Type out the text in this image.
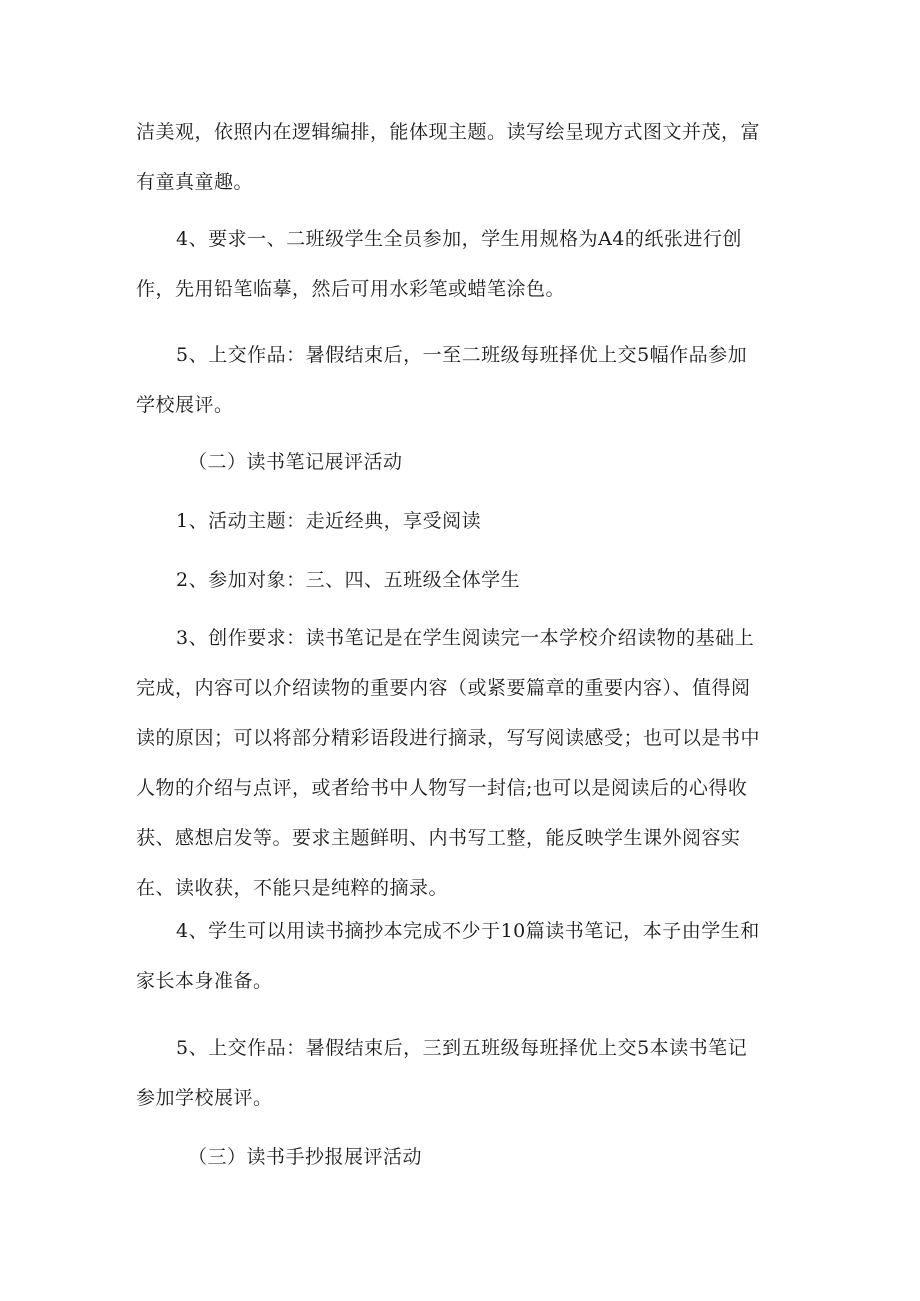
洁美观，依照内在逻辑编排，能体现主题。读写绘呈现方式图文并茂，富
有童真童趣。

4、要求一、二班级学生全员参加，学生用规格为A4的纸张进行创
作，先用铅笔临摹，然后可用水彩笔或蜡笔涂色。

5、上交作品：暑假结束后，一至二班级每班择优上交5幅作品参加
学校展评。

（二）读书笔记展评活动

1、活动主题：走近经典，享受阅读

2、参加对象：三、四、五班级全体学生

3、创作要求：读书笔记是在学生阅读完一本学校介绍读物的基础上
完成，内容可以介绍读物的重要内容（或紧要篇章的重要内容）、值得阅
读的原因；可以将部分精彩语段进行摘录，写写阅读感受；也可以是书中
人物的介绍与点评，或者给书中人物写一封信;也可以是阅读后的心得收
获、感想启发等。要求主题鲜明、内书写工整，能反映学生课外阅容实
在、读收获，不能只是纯粹的摘录。

4、学生可以用读书摘抄本完成不少于10篇读书笔记，本子由学生和
家长本身准备。

5、上交作品：暑假结束后，三到五班级每班择优上交5本读书笔记
参加学校展评。

（三）读书手抄报展评活动
